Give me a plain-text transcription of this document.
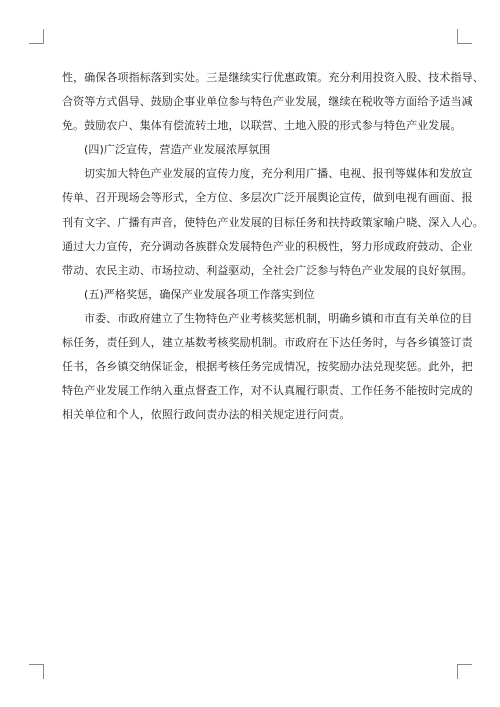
性，确保各项指标落到实处。三是继续实行优惠政策。充分利用投资入股、技术指导、
合资等方式倡导、鼓励企事业单位参与特色产业发展，继续在税收等方面给予适当减
免。鼓励农户、集体有偿流转土地，以联营、土地入股的形式参与特色产业发展。
(四)广泛宣传，营造产业发展浓厚氛围
切实加大特色产业发展的宣传力度，充分利用广播、电视、报刊等媒体和发放宣
传单、召开现场会等形式，全方位、多层次广泛开展舆论宣传，做到电视有画面、报
刊有文字、广播有声音，使特色产业发展的目标任务和扶持政策家喻户晓、深入人心。
通过大力宣传，充分调动各族群众发展特色产业的积极性，努力形成政府鼓动、企业
带动、农民主动、市场拉动、利益驱动，全社会广泛参与特色产业发展的良好氛围。
(五)严格奖惩，确保产业发展各项工作落实到位
市委、市政府建立了生物特色产业考核奖惩机制，明确乡镇和市直有关单位的目
标任务，责任到人，建立基数考核奖励机制。市政府在下达任务时，与各乡镇签订责
任书，各乡镇交纳保证金，根据考核任务完成情况，按奖励办法兑现奖惩。此外，把
特色产业发展工作纳入重点督查工作，对不认真履行职责、工作任务不能按时完成的
相关单位和个人，依照行政问责办法的相关规定进行问责。
